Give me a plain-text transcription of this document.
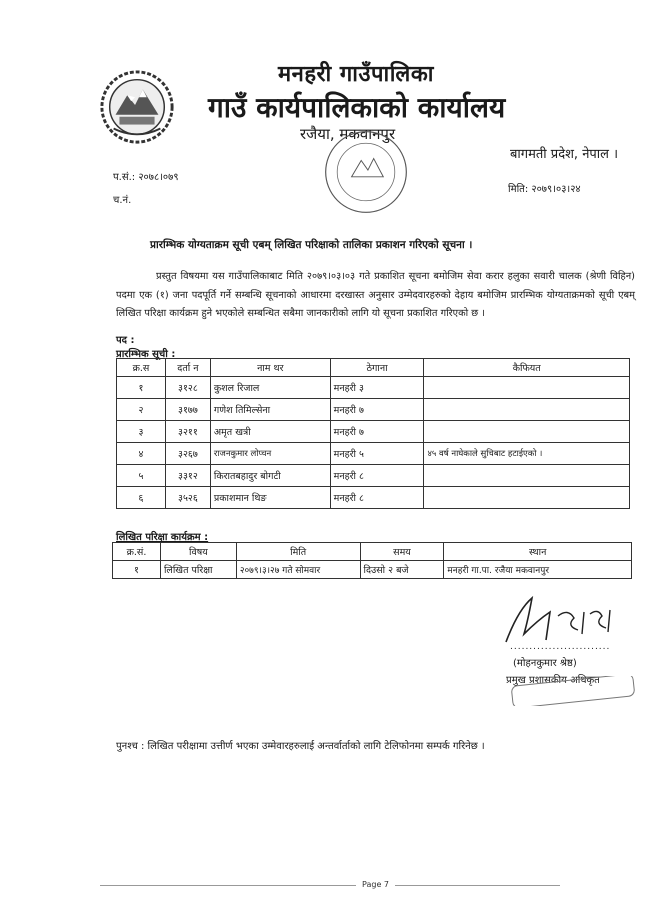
मनहरी गाउँपालिका
गाउँ कार्यपालिकाको कार्यालय
रजैया, मकवानपुर
बागमती प्रदेश, नेपाल ।
प.सं.: २०७८।०७९
च.नं.
मिति: २०७९।०३।२४
प्रारम्भिक योग्यताक्रम सूची एबम् लिखित परिक्षाको तालिका प्रकाशन गरिएको सूचना ।

प्रस्तुत विषयमा यस गाउँपालिकाबाट मिति २०७९।०३।०३ गते प्रकाशित सूचना बमोजिम सेवा करार हलुका सवारी चालक (श्रेणी विहिन) पदमा एक (१) जना पदपूर्ति गर्ने सम्बन्धि सूचनाको आधारमा दरखास्त अनुसार उम्मेदवारहरुको देहाय बमोजिम प्रारम्भिक योग्यताक्रमको सूची एबम् लिखित परिक्षा कार्यक्रम हुने भएकोले सम्बन्धित सबैमा जानकारीको लागि यो सूचना प्रकाशित गरिएको छ ।

पद :
प्रारम्भिक सूची :
क्र.स	दर्ता न	नाम थर	ठेगाना	कैफियत
१	३१२८	कुशल रिजाल	मनहरी ३	
२	३१७७	गणेश तिमिल्सेना	मनहरी ७	
३	३२११	अमृत खत्री	मनहरी ७	
४	३२६७	राजनकुमार लोप्चन	मनहरी ५	४५ वर्ष नाघेकाले सुचिबाट हटाईएको ।
५	३३१२	किरातबहादुर बोगटी	मनहरी ८	
६	३५२६	प्रकाशमान थिङ	मनहरी ८	
लिखित परिक्षा कार्यक्रम :
क्र.सं.	विषय	मिति	समय	स्थान
१	लिखित परिक्षा	२०७९।३।२७ गते सोमवार	दिउसो २ बजे	मनहरी गा.पा. रजैया मकवानपुर
..........................
(मोहनकुमार श्रेष्ठ)
प्रमुख प्रशासकीय अधिकृत
पुनश्च : लिखित परीक्षामा उत्तीर्ण भएका उम्मेवारहरुलाई अन्तर्वार्ताको लागि टेलिफोनमा सम्पर्क गरिनेछ ।
Page 7
